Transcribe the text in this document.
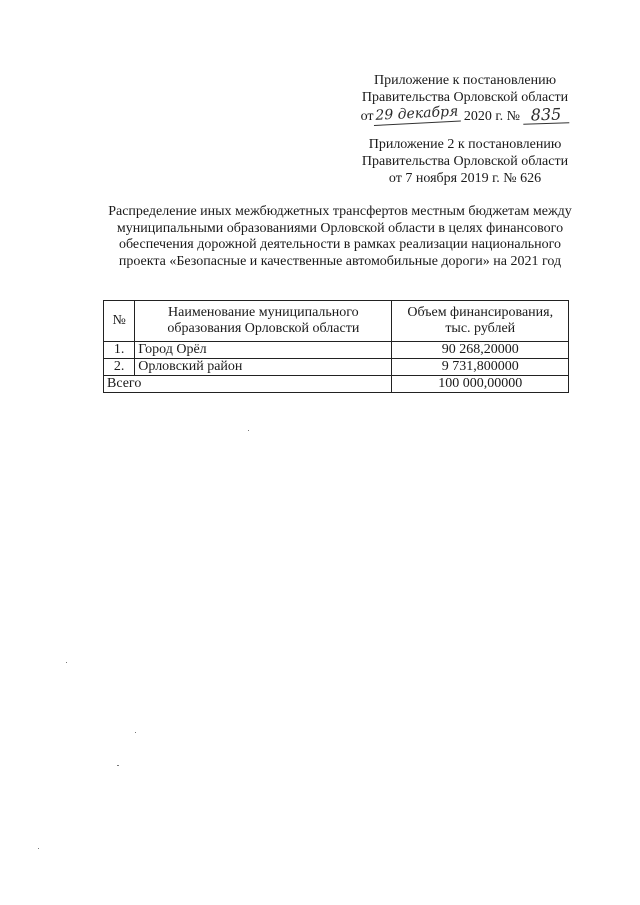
Приложение к постановлению
Правительства Орловской области
от29 декабря 2020 г. № 835
Приложение 2 к постановлению
Правительства Орловской области
от 7 ноября 2019 г. № 626
Распределение иных межбюджетных трансфертов местным бюджетам между муниципальными образованиями Орловской области в целях финансового обеспечения дорожной деятельности в рамках реализации национального проекта «Безопасные и качественные автомобильные дороги» на 2021 год
№	Наименование муниципального образования Орловской области	Объем финансирования, тыс. рублей
1.	Город Орёл	90 268,20000
2.	Орловский район	9 731,800000
Всего		100 000,00000
